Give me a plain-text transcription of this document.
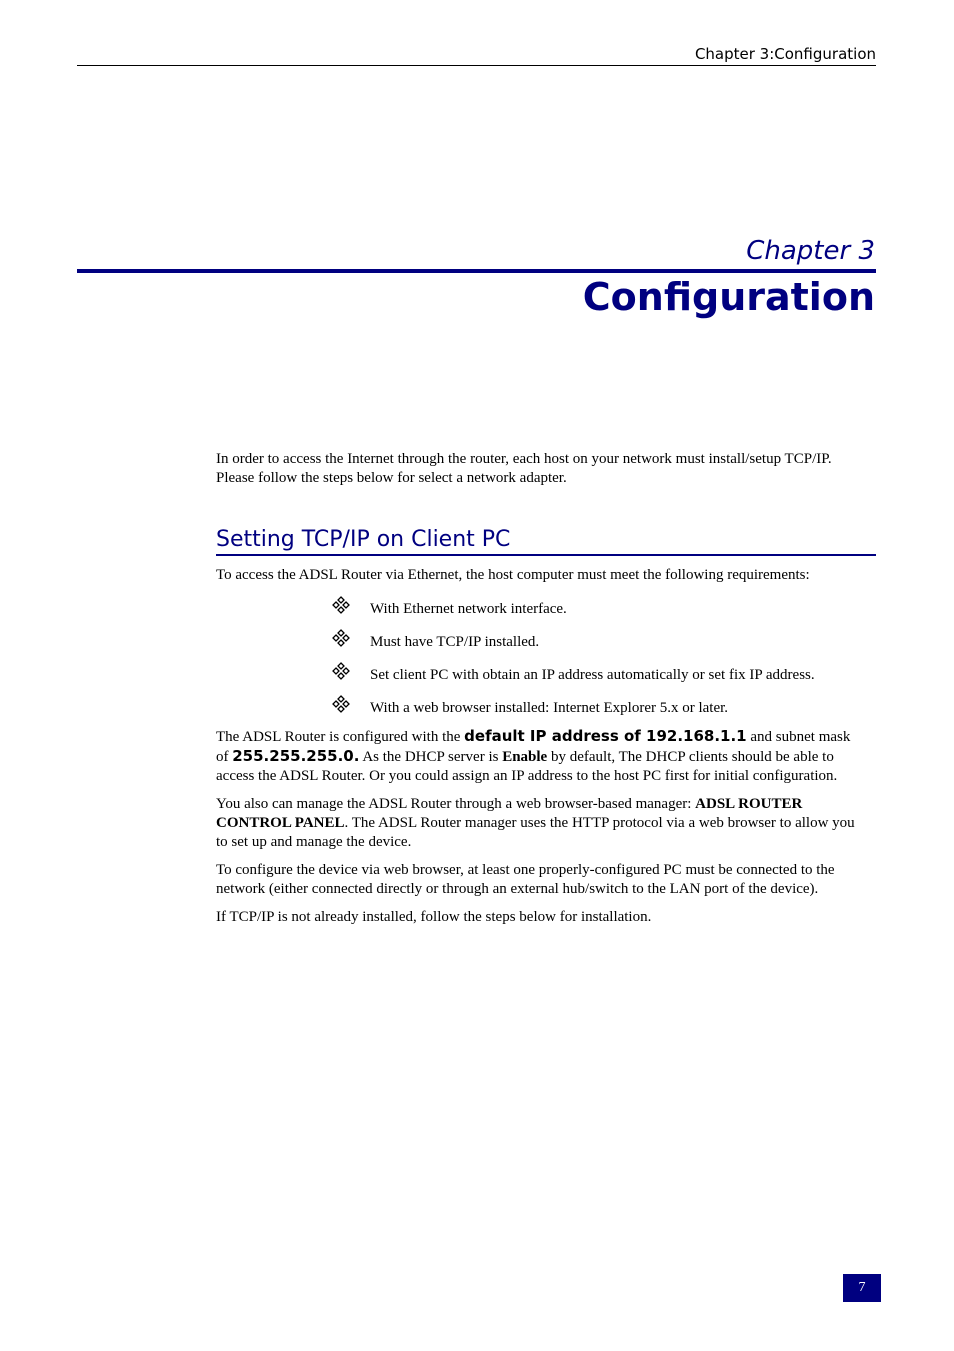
Chapter 3:Configuration
Chapter 3
Configuration

In order to access the Internet through the router, each host on your network must install/setup TCP/IP. Please follow the steps below for select a network adapter.

Setting TCP/IP on Client PC

To access the ADSL Router via Ethernet, the host computer must meet the following requirements:

With Ethernet network interface.
Must have TCP/IP installed.
Set client PC with obtain an IP address automatically or set fix IP address.
With a web browser installed: Internet Explorer 5.x or later.

The ADSL Router is configured with the default IP address of 192.168.1.1 and subnet mask of 255.255.255.0. As the DHCP server is Enable by default, The DHCP clients should be able to access the ADSL Router. Or you could assign an IP address to the host PC first for initial configuration.

You also can manage the ADSL Router through a web browser-based manager: ADSL ROUTER CONTROL PANEL. The ADSL Router manager uses the HTTP protocol via a web browser to allow you to set up and manage the device.

To configure the device via web browser, at least one properly-configured PC must be connected to the network (either connected directly or through an external hub/switch to the LAN port of the device).

If TCP/IP is not already installed, follow the steps below for installation.

7
